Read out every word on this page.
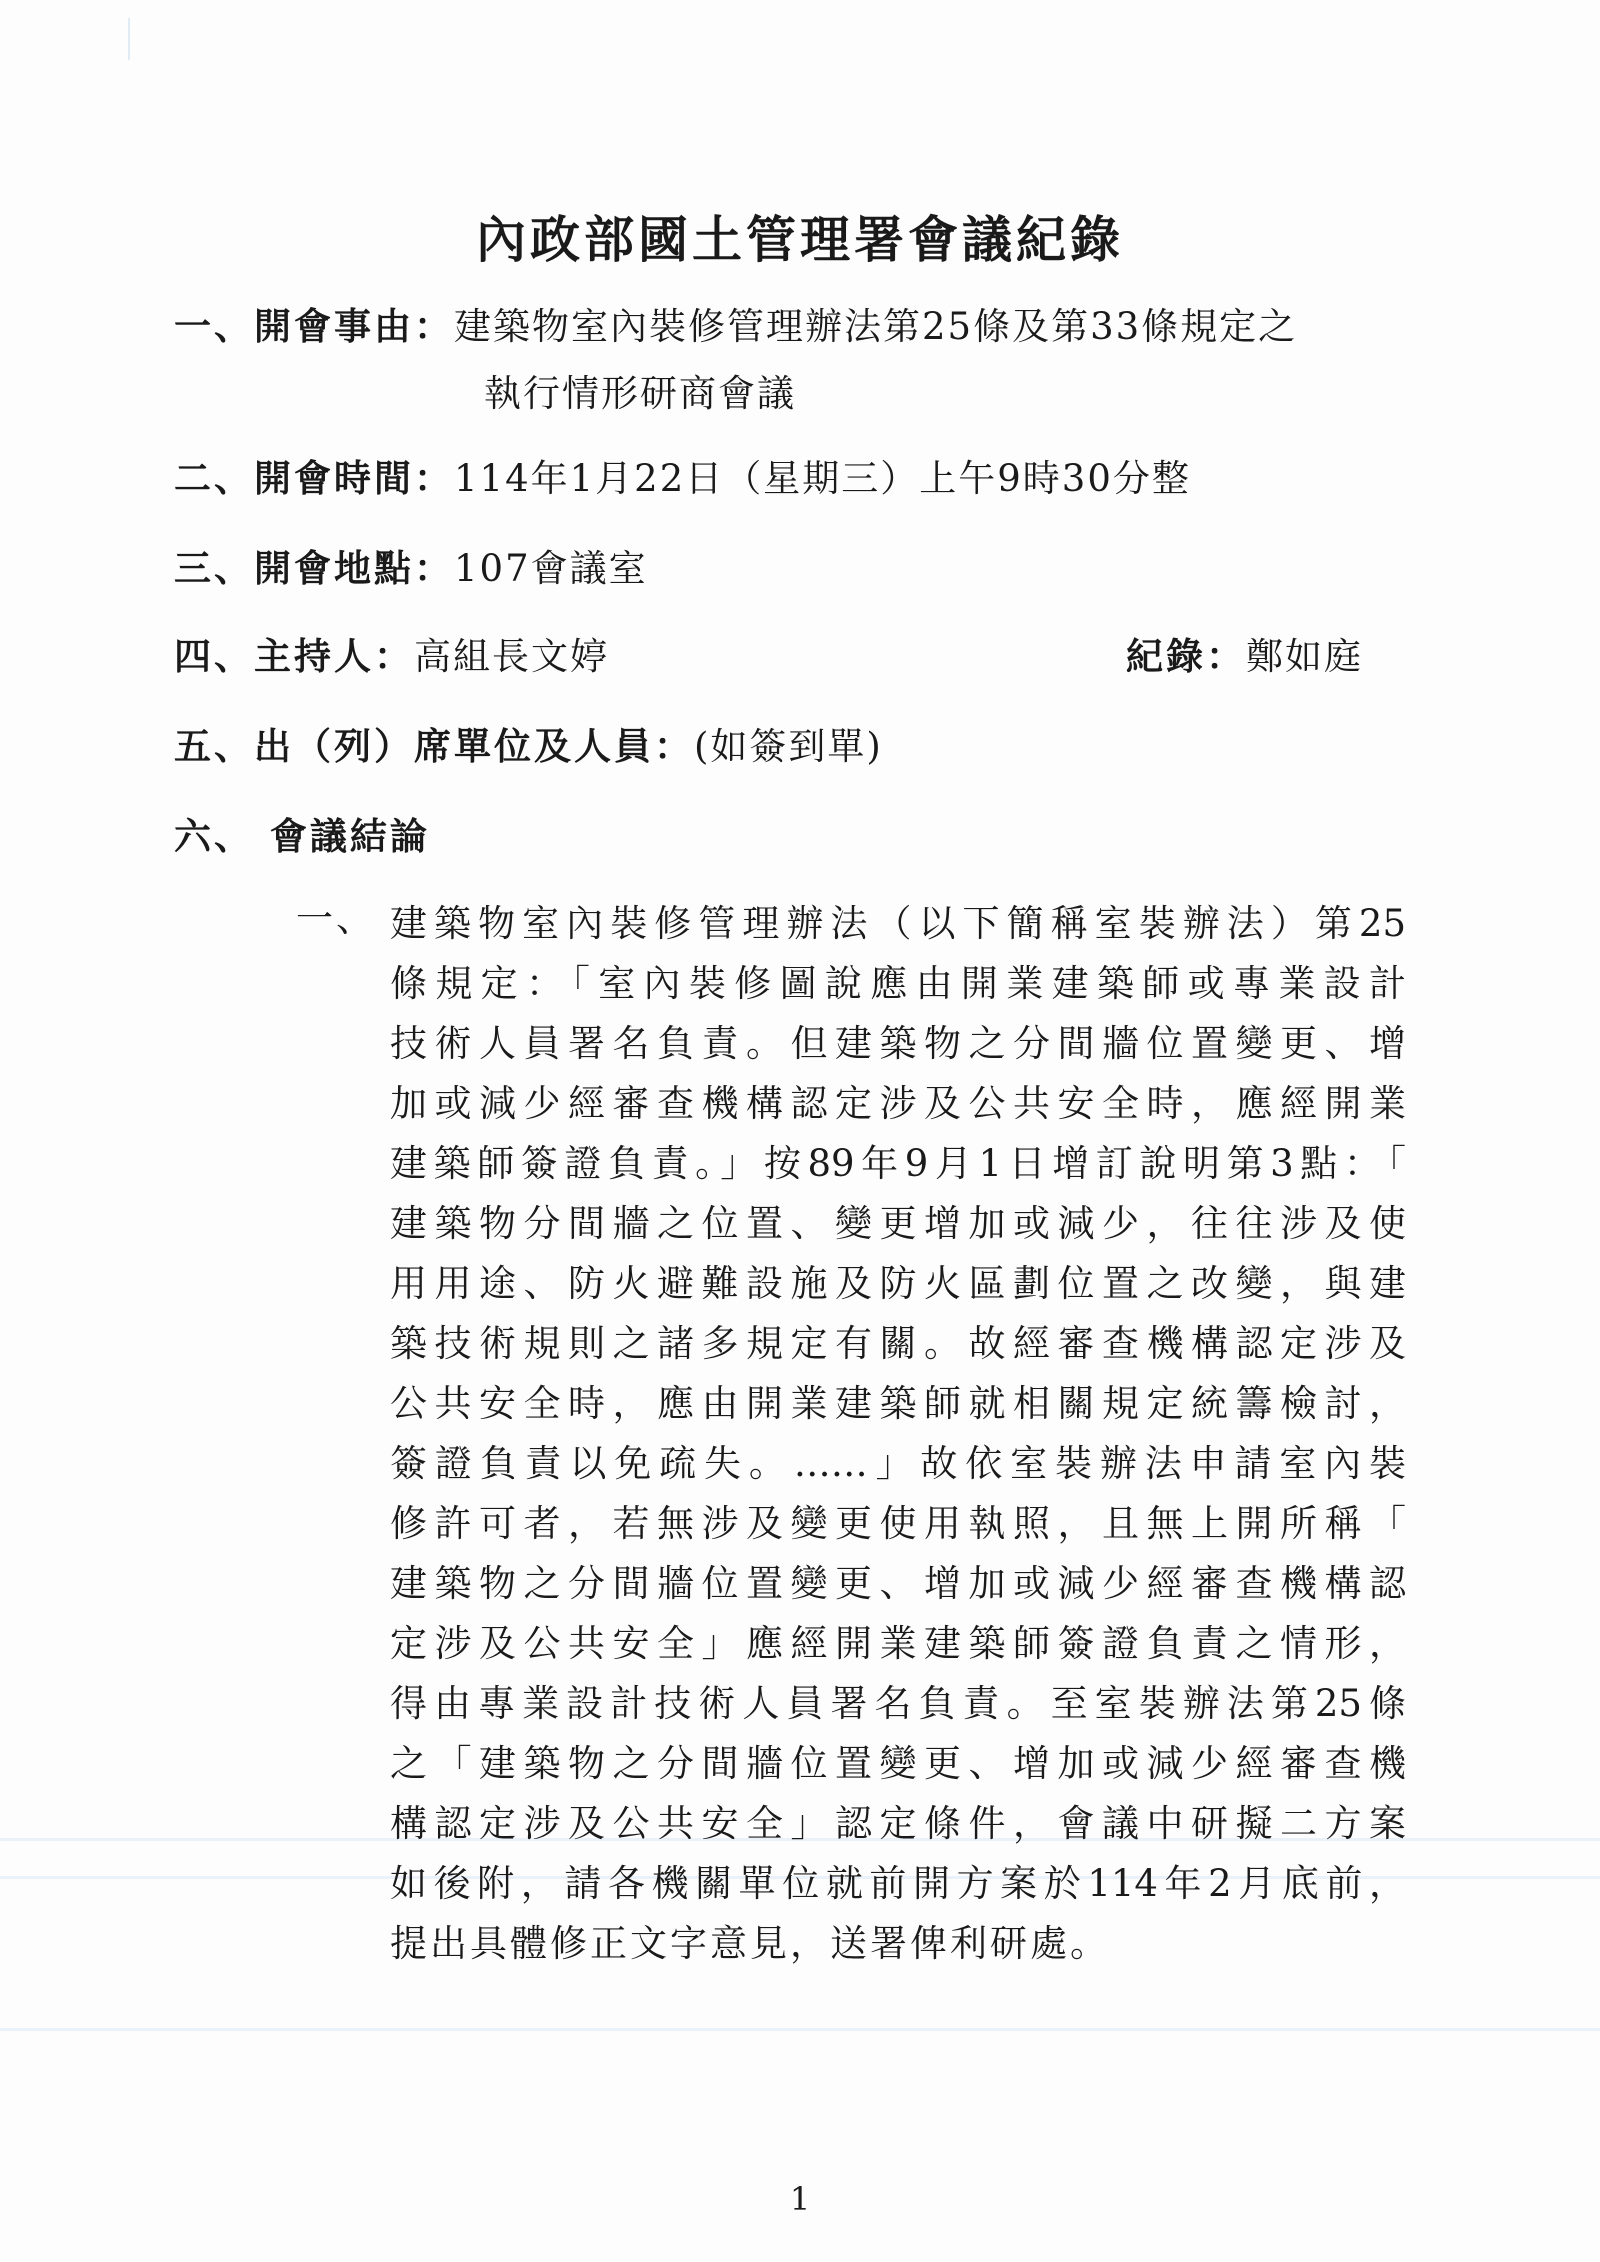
內政部國土管理署會議紀錄
一、開會事由：建築物室內裝修管理辦法第25條及第33條規定之
執行情形研商會議
二、開會時間：114年1月22日（星期三）上午9時30分整
三、開會地點：107會議室
四、主持人：高組長文婷	紀錄：鄭如庭
五、出（列）席單位及人員：(如簽到單)
六、 會議結論
一、 建築物室內裝修管理辦法（以下簡稱室裝辦法）第25
條規定：「室內裝修圖說應由開業建築師或專業設計
技術人員署名負責。但建築物之分間牆位置變更、增
加或減少經審查機構認定涉及公共安全時，應經開業
建築師簽證負責。」按89年9月1日增訂說明第3點：「
建築物分間牆之位置、變更增加或減少，往往涉及使
用用途、防火避難設施及防火區劃位置之改變，與建
築技術規則之諸多規定有關。故經審查機構認定涉及
公共安全時，應由開業建築師就相關規定統籌檢討，
簽證負責以免疏失。……」故依室裝辦法申請室內裝
修許可者，若無涉及變更使用執照，且無上開所稱「
建築物之分間牆位置變更、增加或減少經審查機構認
定涉及公共安全」應經開業建築師簽證負責之情形，
得由專業設計技術人員署名負責。至室裝辦法第25條
之「建築物之分間牆位置變更、增加或減少經審查機
構認定涉及公共安全」認定條件，會議中研擬二方案
如後附，請各機關單位就前開方案於114年2月底前，
提出具體修正文字意見，送署俾利研處。
1
